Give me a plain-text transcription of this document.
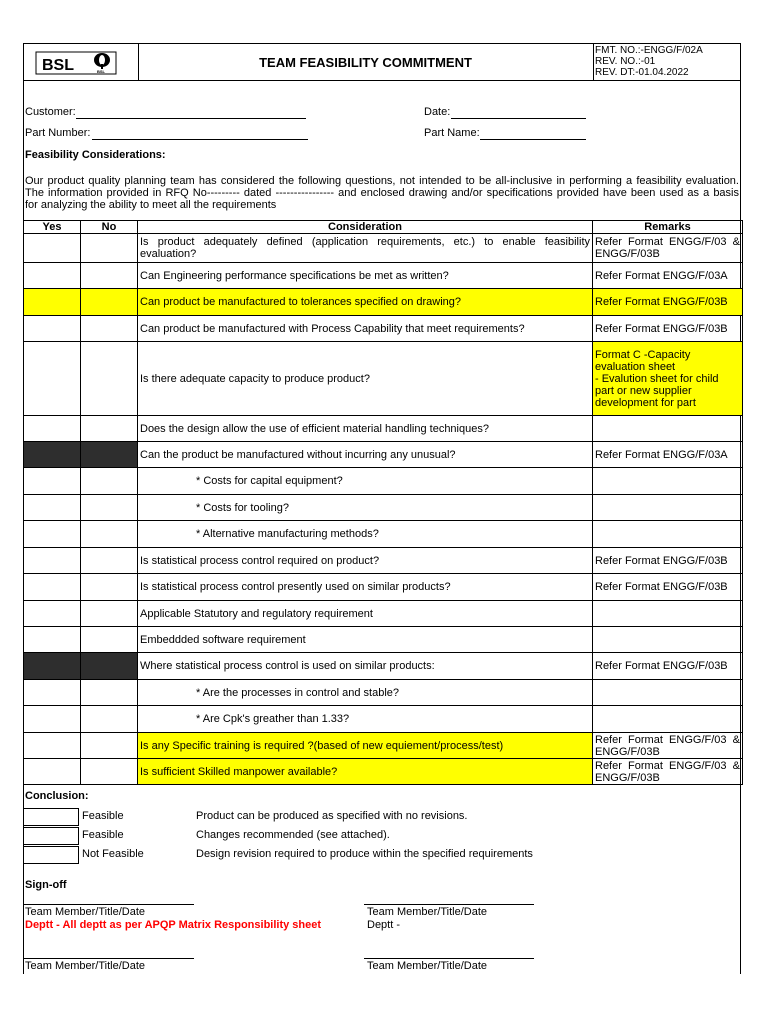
BSL	BSL
TEAM FEASIBILITY COMMITMENT
FMT. NO.:-ENGG/F/02A
REV. NO.:-01
REV. DT:-01.04.2022
Customer:	Date:
Part Number:	Part Name:
Feasibility Considerations:
Our product quality planning team has considered the following questions, not intended to be all-inclusive in performing a feasibility evaluation.
The information provided in RFQ No--------- dated ---------------- and enclosed drawing and/or specifications provided have been used as a basis
for analyzing the ability to meet all the requirements
Yes	No	Consideration	Remarks
		Is product adequately defined (application requirements, etc.) to enable feasibility evaluation?	Refer Format ENGG/F/03 & ENGG/F/03B
		Can Engineering performance specifications be met as written?	Refer Format ENGG/F/03A
		Can product be manufactured to tolerances specified on drawing?	Refer Format ENGG/F/03B
		Can product be manufactured with Process Capability that meet requirements?	Refer Format ENGG/F/03B
		Is there adequate capacity to produce product?	Format C -Capacity evaluation sheet
- Evalution sheet for child part or new supplier development for part
		Does the design allow the use of efficient material handling techniques?	
		Can the product be manufactured without incurring any unusual?	Refer Format ENGG/F/03A
		* Costs for capital equipment?	
		* Costs for tooling?	
		* Alternative manufacturing methods?	
		Is statistical process control required on product?	Refer Format ENGG/F/03B
		Is statistical process control presently used on similar products?	Refer Format ENGG/F/03B
		Applicable Statutory and regulatory requirement	
		Embeddded software requirement	
		Where statistical process control is used on similar products:	Refer Format ENGG/F/03B
		* Are the processes in control and stable?	
		* Are Cpk's greather than 1.33?	
		Is any Specific training is required ?(based of new equiement/process/test)	Refer Format ENGG/F/03 & ENGG/F/03B
		Is sufficient Skilled manpower available?	Refer Format ENGG/F/03 & ENGG/F/03B
Conclusion:
Feasible	Product can be produced as specified with no revisions.
Feasible	Changes recommended (see attached).
Not Feasible	Design revision required to produce within the specified requirements
Sign-off
Team Member/Title/Date	Team Member/Title/Date
Deptt - All deptt as per APQP Matrix Responsibility sheet	Deptt -
Team Member/Title/Date	Team Member/Title/Date
